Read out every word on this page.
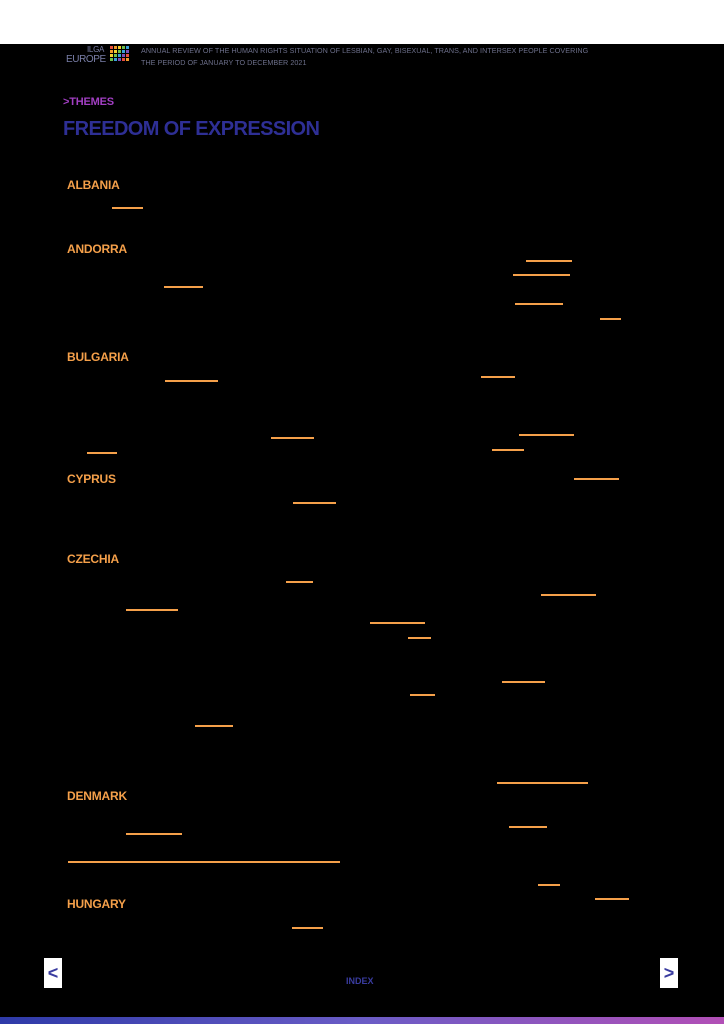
ILGA
EUROPE
ANNUAL REVIEW OF THE HUMAN RIGHTS SITUATION OF LESBIAN, GAY, BISEXUAL, TRANS, AND INTERSEX PEOPLE COVERING
THE PERIOD OF JANUARY TO DECEMBER 2021
>THEMES
FREEDOM OF EXPRESSION
ALBANIA
ANDORRA
BULGARIA
CYPRUS
CZECHIA
DENMARK
HUNGARY
<	INDEX	>
